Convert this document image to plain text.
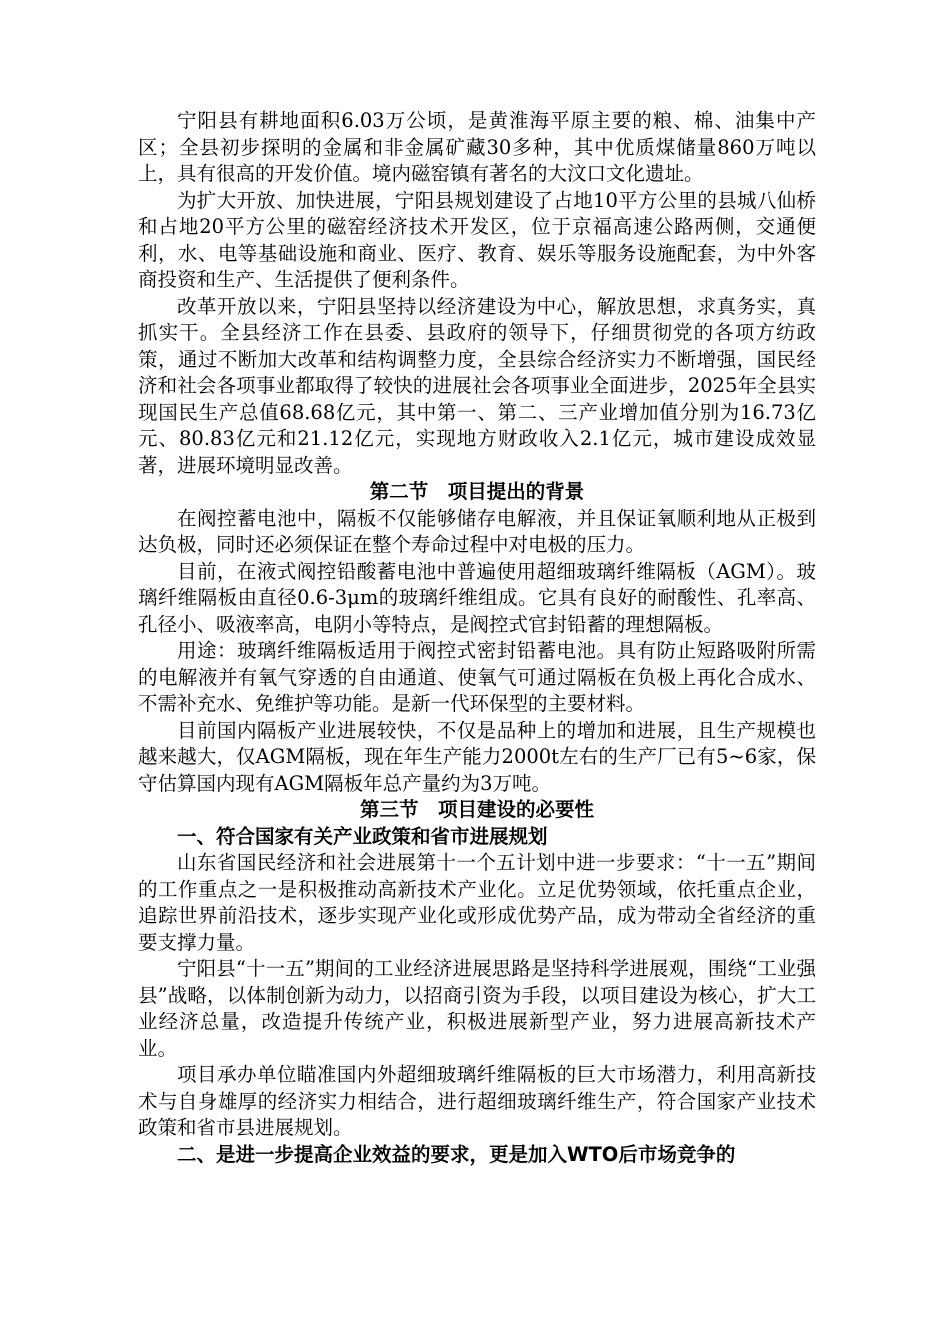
宁阳县有耕地面积6.03万公顷，是黄淮海平原主要的粮、棉、油集中产区；全县初步探明的金属和非金属矿藏30多种，其中优质煤储量860万吨以上，具有很高的开发价值。境内磁窑镇有著名的大汶口文化遗址。

为扩大开放、加快进展，宁阳县规划建设了占地10平方公里的县城八仙桥和占地20平方公里的磁窑经济技术开发区，位于京福高速公路两侧，交通便利，水、电等基础设施和商业、医疗、教育、娱乐等服务设施配套，为中外客商投资和生产、生活提供了便利条件。

改革开放以来，宁阳县坚持以经济建设为中心，解放思想，求真务实，真抓实干。全县经济工作在县委、县政府的领导下，仔细贯彻党的各项方纺政策，通过不断加大改革和结构调整力度，全县综合经济实力不断增强，国民经济和社会各项事业都取得了较快的进展社会各项事业全面进步，2025年全县实现国民生产总值68.68亿元，其中第一、第二、三产业增加值分别为16.73亿元、80.83亿元和21.12亿元，实现地方财政收入2.1亿元，城市建设成效显著，进展环境明显改善。

第二节　项目提出的背景

在阀控蓄电池中，隔板不仅能够储存电解液，并且保证氧顺利地从正极到达负极，同时还必须保证在整个寿命过程中对电极的压力。

目前，在液式阀控铅酸蓄电池中普遍使用超细玻璃纤维隔板（AGM）。玻璃纤维隔板由直径0.6-3μm的玻璃纤维组成。它具有良好的耐酸性、孔率高、孔径小、吸液率高，电阴小等特点，是阀控式官封铅蓄的理想隔板。

用途：玻璃纤维隔板适用于阀控式密封铅蓄电池。具有防止短路吸附所需的电解液并有氧气穿透的自由通道、使氧气可通过隔板在负极上再化合成水、不需补充水、免维护等功能。是新一代环保型的主要材料。

目前国内隔板产业进展较快，不仅是品种上的增加和进展，且生产规模也越来越大，仅AGM隔板，现在年生产能力2000t左右的生产厂已有5~6家，保守估算国内现有AGM隔板年总产量约为3万吨。

第三节　项目建设的必要性
一、符合国家有关产业政策和省市进展规划

山东省国民经济和社会进展第十一个五计划中进一步要求：“十一五”期间的工作重点之一是积极推动高新技术产业化。立足优势领域，依托重点企业，追踪世界前沿技术，逐步实现产业化或形成优势产品，成为带动全省经济的重要支撑力量。

宁阳县“十一五”期间的工业经济进展思路是坚持科学进展观，围绕“工业强县”战略，以体制创新为动力，以招商引资为手段，以项目建设为核心，扩大工业经济总量，改造提升传统产业，积极进展新型产业，努力进展高新技术产业。

项目承办单位瞄准国内外超细玻璃纤维隔板的巨大市场潜力，利用高新技术与自身雄厚的经济实力相结合，进行超细玻璃纤维生产，符合国家产业技术政策和省市县进展规划。

二、是进一步提高企业效益的要求，更是加入WTO后市场竞争的
